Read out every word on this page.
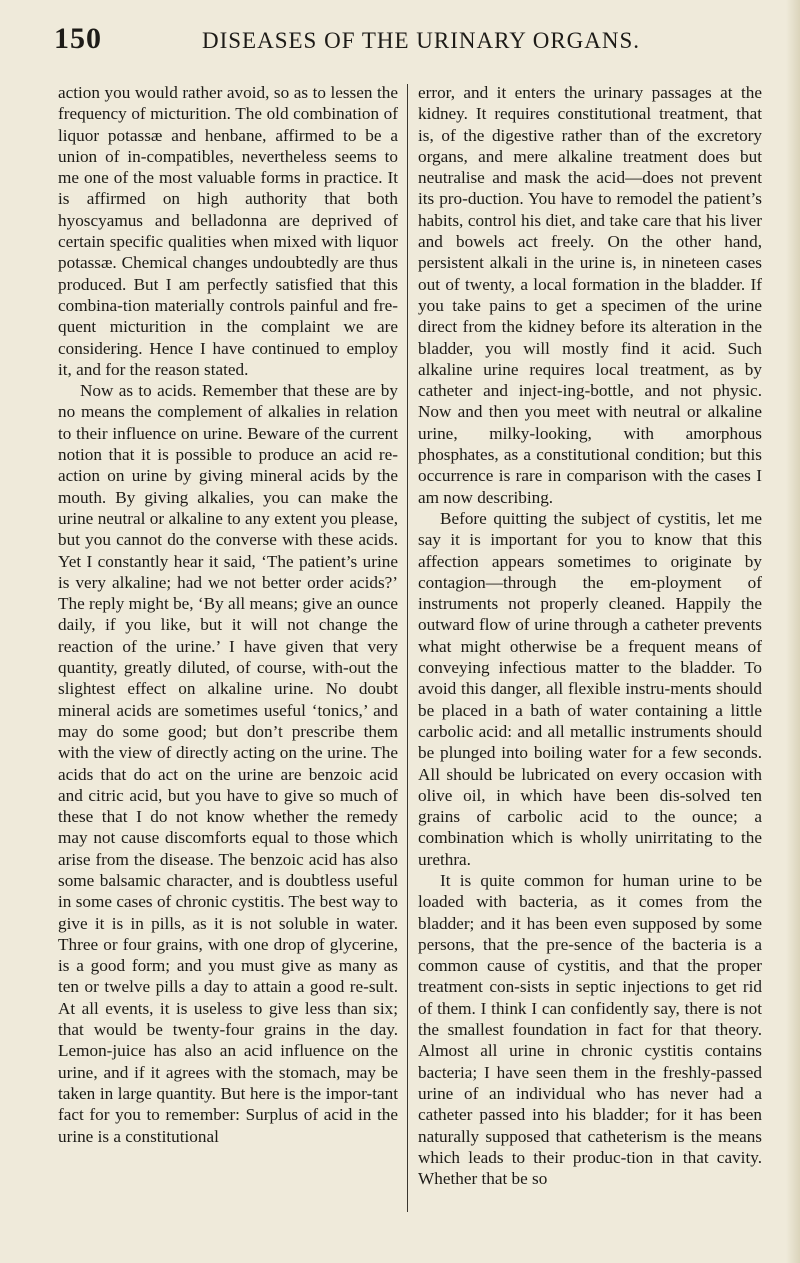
150	DISEASES OF THE URINARY ORGANS.

action you would rather avoid, so as to lessen the frequency of micturition. The old combination of liquor potassæ and henbane, affirmed to be a union of in-compatibles, nevertheless seems to me one of the most valuable forms in practice. It is affirmed on high authority that both hyoscyamus and belladonna are deprived of certain specific qualities when mixed with liquor potassæ. Chemical changes undoubtedly are thus produced. But I am perfectly satisfied that this combina-tion materially controls painful and fre-quent micturition in the complaint we are considering. Hence I have continued to employ it, and for the reason stated.

Now as to acids. Remember that these are by no means the complement of alkalies in relation to their influence on urine. Beware of the current notion that it is possible to produce an acid re-action on urine by giving mineral acids by the mouth. By giving alkalies, you can make the urine neutral or alkaline to any extent you please, but you cannot do the converse with these acids. Yet I constantly hear it said, ‘The patient’s urine is very alkaline; had we not better order acids?’ The reply might be, ‘By all means; give an ounce daily, if you like, but it will not change the reaction of the urine.’ I have given that very quantity, greatly diluted, of course, with-out the slightest effect on alkaline urine. No doubt mineral acids are sometimes useful ‘tonics,’ and may do some good; but don’t prescribe them with the view of directly acting on the urine. The acids that do act on the urine are benzoic acid and citric acid, but you have to give so much of these that I do not know whether the remedy may not cause discomforts equal to those which arise from the disease. The benzoic acid has also some balsamic character, and is doubtless useful in some cases of chronic cystitis. The best way to give it is in pills, as it is not soluble in water. Three or four grains, with one drop of glycerine, is a good form; and you must give as many as ten or twelve pills a day to attain a good re-sult. At all events, it is useless to give less than six; that would be twenty-four grains in the day. Lemon-juice has also an acid influence on the urine, and if it agrees with the stomach, may be taken in large quantity. But here is the impor-tant fact for you to remember: Surplus of acid in the urine is a constitutional

error, and it enters the urinary passages at the kidney. It requires constitutional treatment, that is, of the digestive rather than of the excretory organs, and mere alkaline treatment does but neutralise and mask the acid—does not prevent its pro-duction. You have to remodel the patient’s habits, control his diet, and take care that his liver and bowels act freely. On the other hand, persistent alkali in the urine is, in nineteen cases out of twenty, a local formation in the bladder. If you take pains to get a specimen of the urine direct from the kidney before its alteration in the bladder, you will mostly find it acid. Such alkaline urine requires local treatment, as by catheter and inject-ing-bottle, and not physic. Now and then you meet with neutral or alkaline urine, milky-looking, with amorphous phosphates, as a constitutional condition; but this occurrence is rare in comparison with the cases I am now describing.

Before quitting the subject of cystitis, let me say it is important for you to know that this affection appears sometimes to originate by contagion—through the em-ployment of instruments not properly cleaned. Happily the outward flow of urine through a catheter prevents what might otherwise be a frequent means of conveying infectious matter to the bladder. To avoid this danger, all flexible instru-ments should be placed in a bath of water containing a little carbolic acid: and all metallic instruments should be plunged into boiling water for a few seconds. All should be lubricated on every occasion with olive oil, in which have been dis-solved ten grains of carbolic acid to the ounce; a combination which is wholly unirritating to the urethra.

It is quite common for human urine to be loaded with bacteria, as it comes from the bladder; and it has been even supposed by some persons, that the pre-sence of the bacteria is a common cause of cystitis, and that the proper treatment con-sists in septic injections to get rid of them. I think I can confidently say, there is not the smallest foundation in fact for that theory. Almost all urine in chronic cystitis contains bacteria; I have seen them in the freshly-passed urine of an individual who has never had a catheter passed into his bladder; for it has been naturally supposed that catheterism is the means which leads to their produc-tion in that cavity. Whether that be so
